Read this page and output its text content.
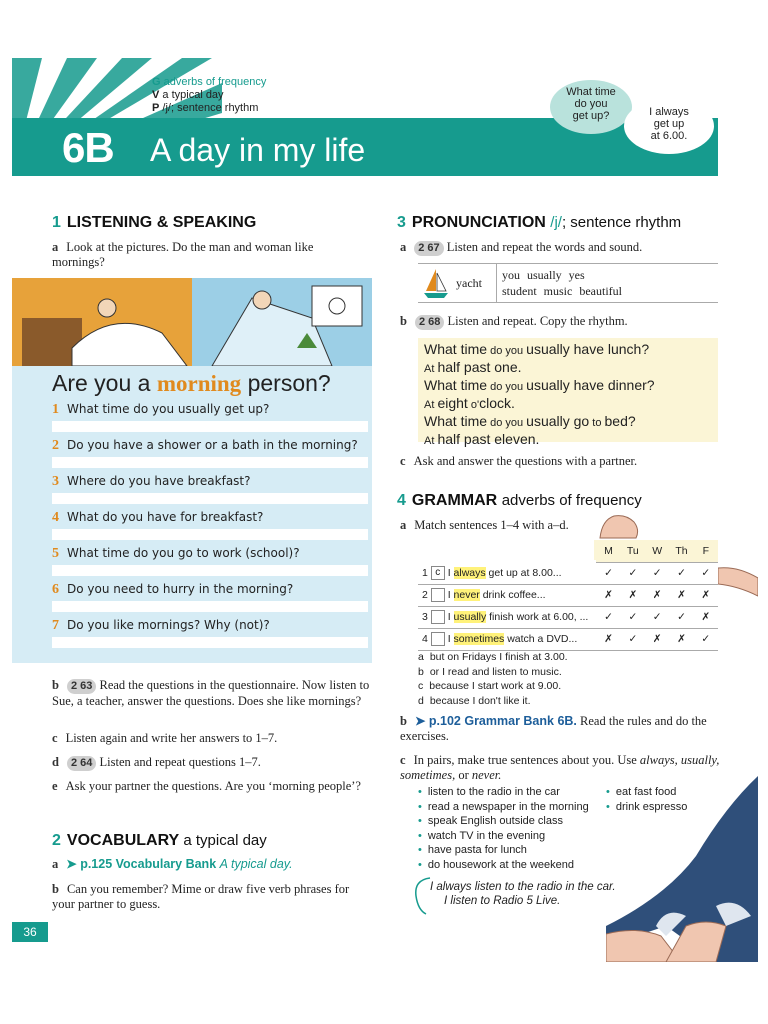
G adverbs of frequency
V a typical day
P /j/; sentence rhythm
6B A day in my life
What time
do you
get up?	I always
get up
at 6.00.
1 LISTENING & SPEAKING
a Look at the pictures. Do the man and woman like mornings?
Are you a morning person?
1 What time do you usually get up?
2 Do you have a shower or a bath in the morning?
3 Where do you have breakfast?
4 What do you have for breakfast?
5 What time do you go to work (school)?
6 Do you need to hurry in the morning?
7 Do you like mornings? Why (not)?
b 2 63 Read the questions in the questionnaire. Now listen to Sue, a teacher, answer the questions. Does she like mornings?
c Listen again and write her answers to 1–7.
d 2 64 Listen and repeat questions 1–7.
e Ask your partner the questions. Are you ‘morning people’?
2 VOCABULARY a typical day
a ➤ p.125 Vocabulary Bank A typical day.
b Can you remember? Mime or draw five verb phrases for your partner to guess.
36
3 PRONUNCIATION /j/; sentence rhythm
a 2 67 Listen and repeat the words and sound.
yacht
you usually yes
student music beautiful
b 2 68 Listen and repeat. Copy the rhythm.
What time do you usually have lunch?
At half past one.
What time do you usually have dinner?
At eight o'clock.
What time do you usually go to bed?
At half past eleven.
c Ask and answer the questions with a partner.
4 GRAMMAR adverbs of frequency
a Match sentences 1–4 with a–d.
	M	Tu	W	Th	F
1 c I always get up at 8.00...	✓	✓	✓	✓	✓
2 I never drink coffee...	✗	✗	✗	✗	✗
3 I usually finish work at 6.00, ...	✓	✓	✓	✓	✗
4 I sometimes watch a DVD...	✗	✓	✗	✗	✓
a but on Fridays I finish at 3.00.
b or I read and listen to music.
c because I start work at 9.00.
d because I don't like it.
b ➤ p.102 Grammar Bank 6B. Read the rules and do the exercises.
c In pairs, make true sentences about you. Use always, usually, sometimes, or never.
• listen to the radio in the car
• read a newspaper in the morning
• speak English outside class
• watch TV in the evening
• have pasta for lunch
• do housework at the weekend
• eat fast food
• drink espresso
I always listen to the radio in the car.
I listen to Radio 5 Live.
